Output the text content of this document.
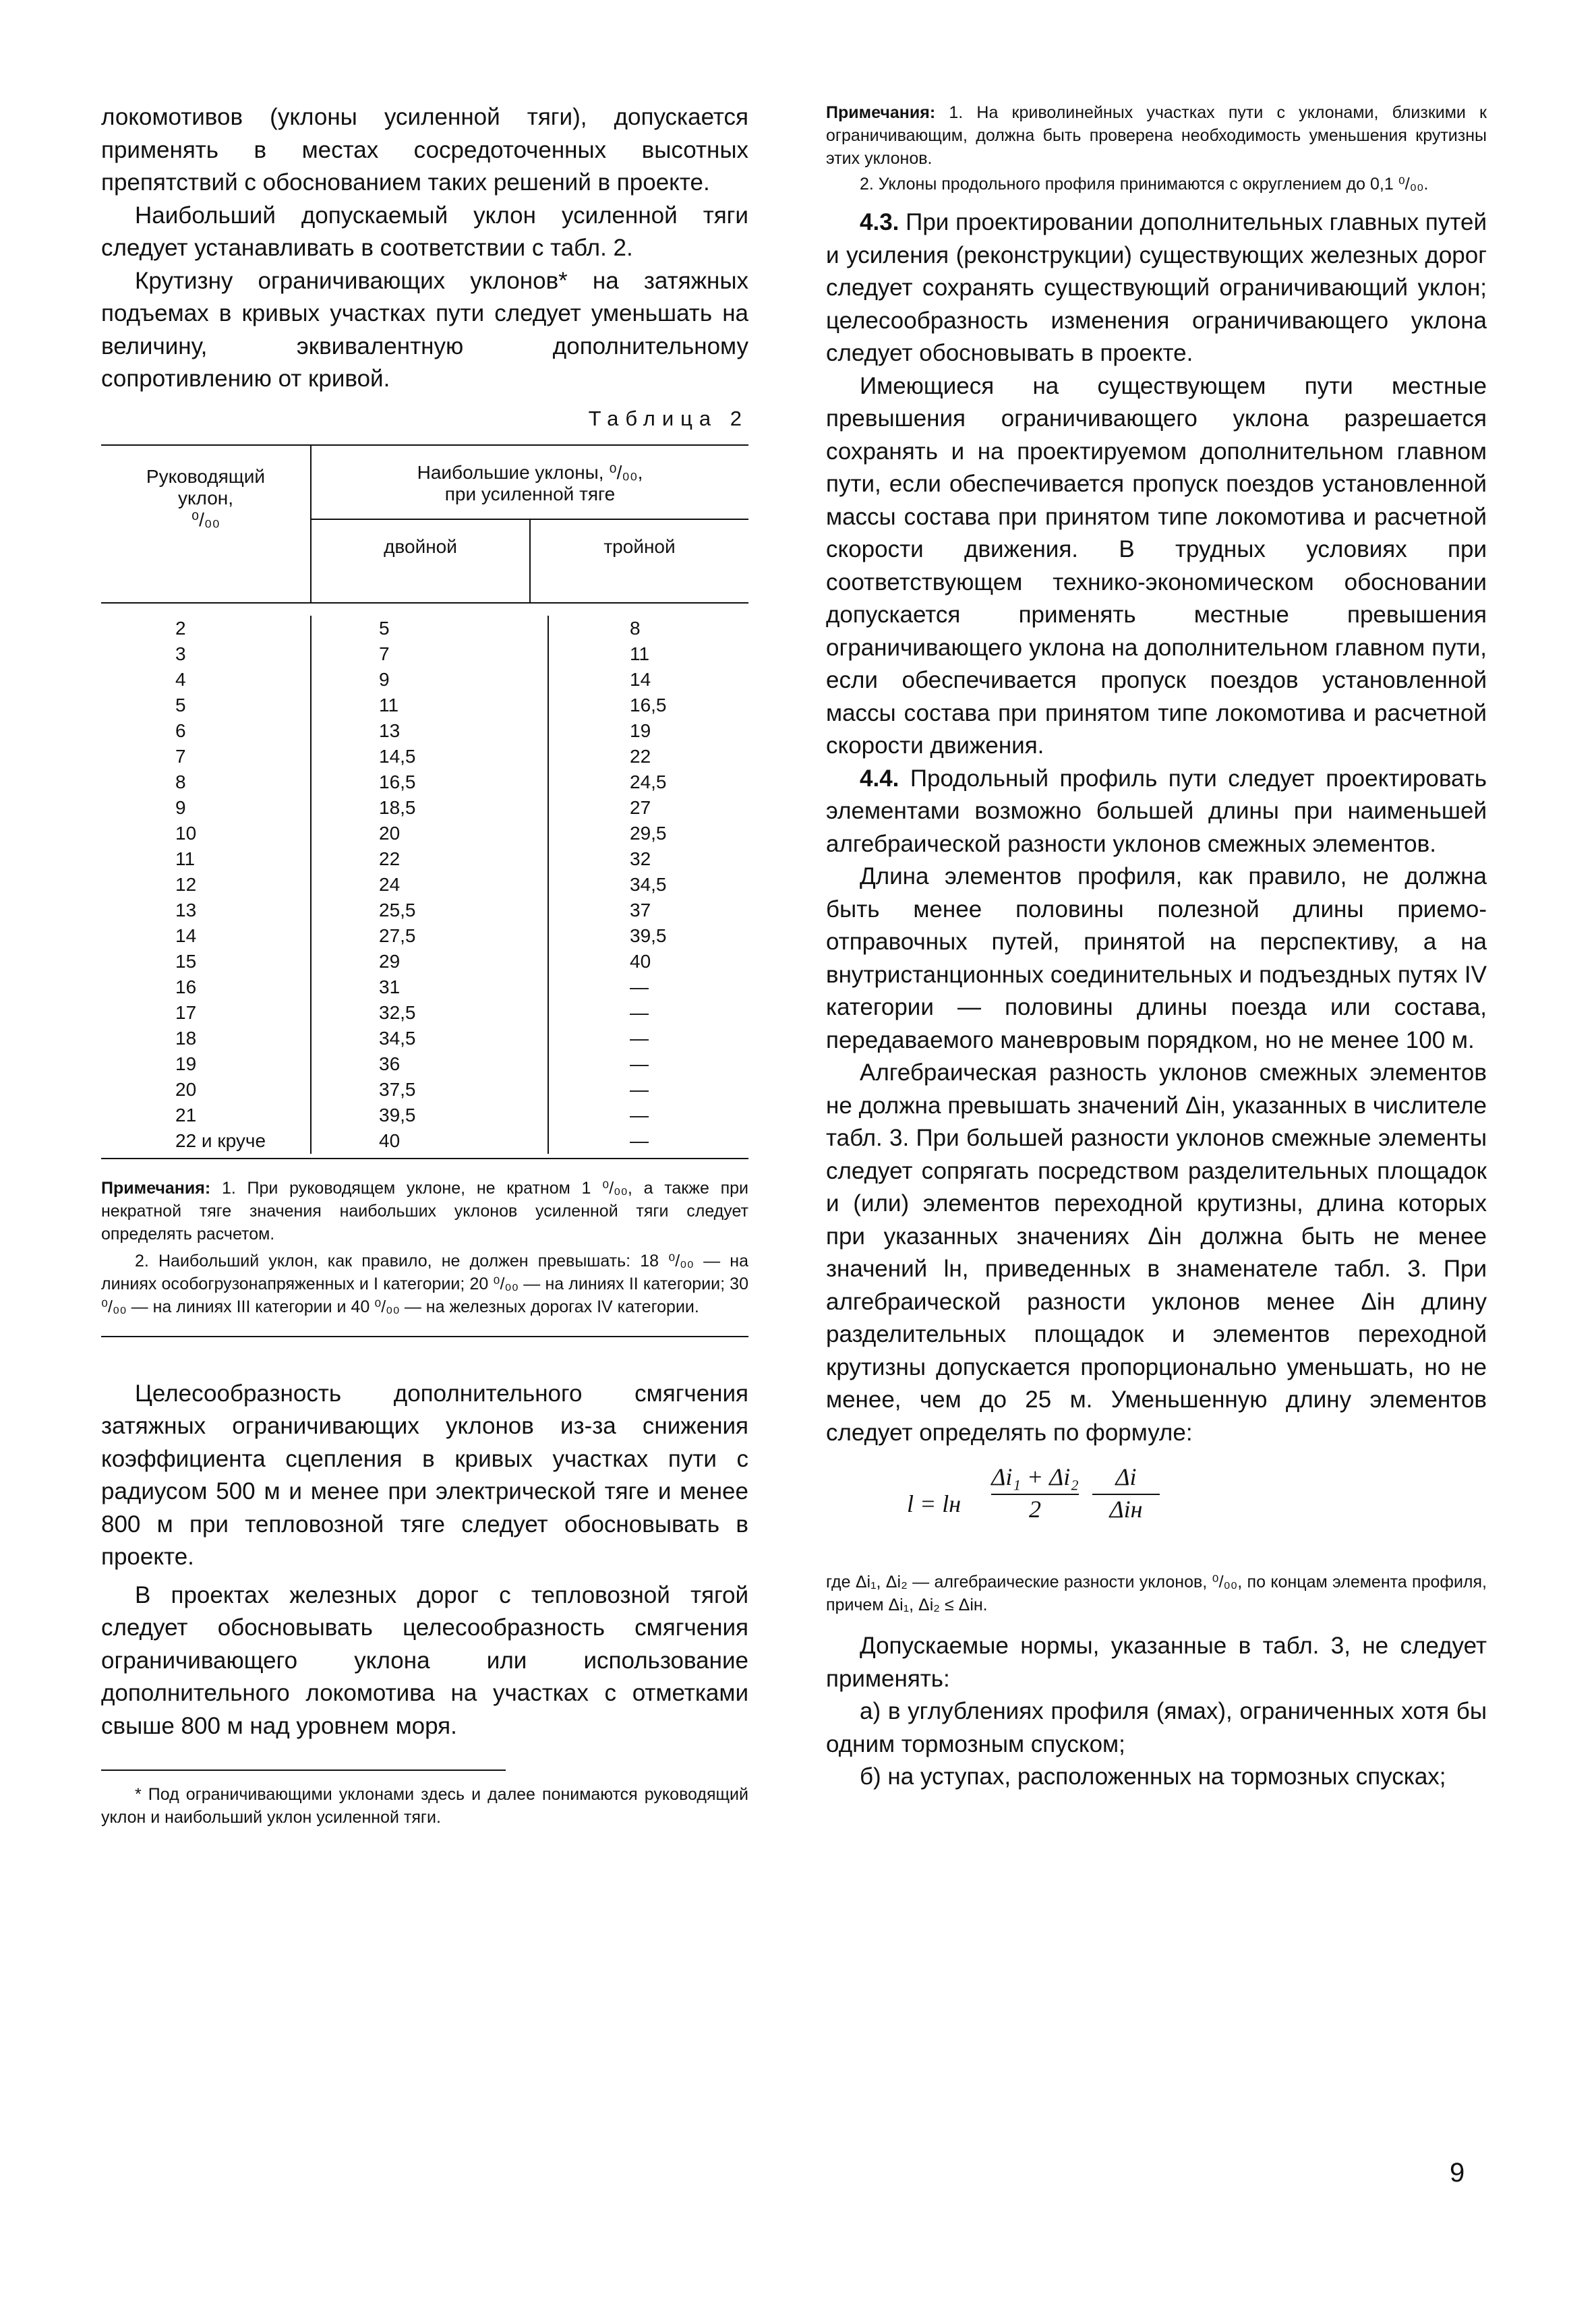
локомотивов (уклоны усиленной тяги), допускается применять в местах сосредоточенных высотных препятствий с обоснованием таких решений в проекте.

Наибольший допускаемый уклон усиленной тяги следует устанавливать в соответствии с табл. 2.

Крутизну ограничивающих уклонов* на затяжных подъемах в кривых участках пути следует уменьшать на величину, эквивалентную дополнительному сопротивлению от кривой.

Таблица 2
Руководящий
уклон,
⁰/₀₀
Наибольшие уклоны, ⁰/₀₀,
при усиленной тяге
двойной	тройной
2
3
4
5
6
7
8
9
10
11
12
13
14
15
16
17
18
19
20
21
22 и круче
5
7
9
11
13
14,5
16,5
18,5
20
22
24
25,5
27,5
29
31
32,5
34,5
36
37,5
39,5
40
8
11
14
16,5
19
22
24,5
27
29,5
32
34,5
37
39,5
40
—
—
—
—
—
—
—
Примечания: 1. При руководящем уклоне, не кратном 1 ⁰/₀₀, а также при некратной тяге значения наибольших уклонов усиленной тяги следует определять расчетом.
2. Наибольший уклон, как правило, не должен превышать: 18 ⁰/₀₀ — на линиях особогрузонапряженных и I категории; 20 ⁰/₀₀ — на линиях II категории; 30 ⁰/₀₀ — на линиях III категории и 40 ⁰/₀₀ — на железных дорогах IV категории.

Целесообразность дополнительного смягчения затяжных ограничивающих уклонов из-за снижения коэффициента сцепления в кривых участках пути с радиусом 500 м и менее при электрической тяге и менее 800 м при тепловозной тяге следует обосновывать в проекте.

В проектах железных дорог с тепловозной тягой следует обосновывать целесообразность смягчения ограничивающего уклона или использование дополнительного локомотива на участках с отметками свыше 800 м над уровнем моря.

* Под ограничивающими уклонами здесь и далее понимаются руководящий уклон и наибольший уклон усиленной тяги.

Примечания: 1. На криволинейных участках пути с уклонами, близкими к ограничивающим, должна быть проверена необходимость уменьшения крутизны этих уклонов.
2. Уклоны продольного профиля принимаются с округлением до 0,1 ⁰/₀₀.

4.3. При проектировании дополнительных главных путей и усиления (реконструкции) существующих железных дорог следует сохранять существующий ограничивающий уклон; целесообразность изменения ограничивающего уклона следует обосновывать в проекте.

Имеющиеся на существующем пути местные превышения ограничивающего уклона разрешается сохранять и на проектируемом дополнительном главном пути, если обеспечивается пропуск поездов установленной массы состава при принятом типе локомотива и расчетной скорости движения. В трудных условиях при соответствующем технико-экономическом обосновании допускается применять местные превышения ограничивающего уклона на дополнительном главном пути, если обеспечивается пропуск поездов установленной массы состава при принятом типе локомотива и расчетной скорости движения.

4.4. Продольный профиль пути следует проектировать элементами возможно большей длины при наименьшей алгебраической разности уклонов смежных элементов.

Длина элементов профиля, как правило, не должна быть менее половины полезной длины приемо-отправочных путей, принятой на перспективу, а на внутристанционных соединительных и подъездных путях IV категории — половины длины поезда или состава, передаваемого маневровым порядком, но не менее 100 м.

Алгебраическая разность уклонов смежных элементов не должна превышать значений Δiн, указанных в числителе табл. 3. При большей разности уклонов смежные элементы следует сопрягать посредством разделительных площадок и (или) элементов переходной крутизны, длина которых при указанных значениях Δiн должна быть не менее значений lн, приведенных в знаменателе табл. 3. При алгебраической разности уклонов менее Δiн длину разделительных площадок и элементов переходной крутизны допускается пропорционально уменьшать, но не менее, чем до 25 м. Уменьшенную длину элементов следует определять по формуле:

l = lн $\frac{\text{Δi₁ + Δi₂}}{2}$	Δi
Δiн

где Δi₁, Δi₂ — алгебраические разности уклонов, ⁰/₀₀, по концам элемента профиля, причем Δi₁, Δi₂ ≤ Δiн.

Допускаемые нормы, указанные в табл. 3, не следует применять:

а) в углублениях профиля (ямах), ограниченных хотя бы одним тормозным спуском;

б) на уступах, расположенных на тормозных спусках;

9
